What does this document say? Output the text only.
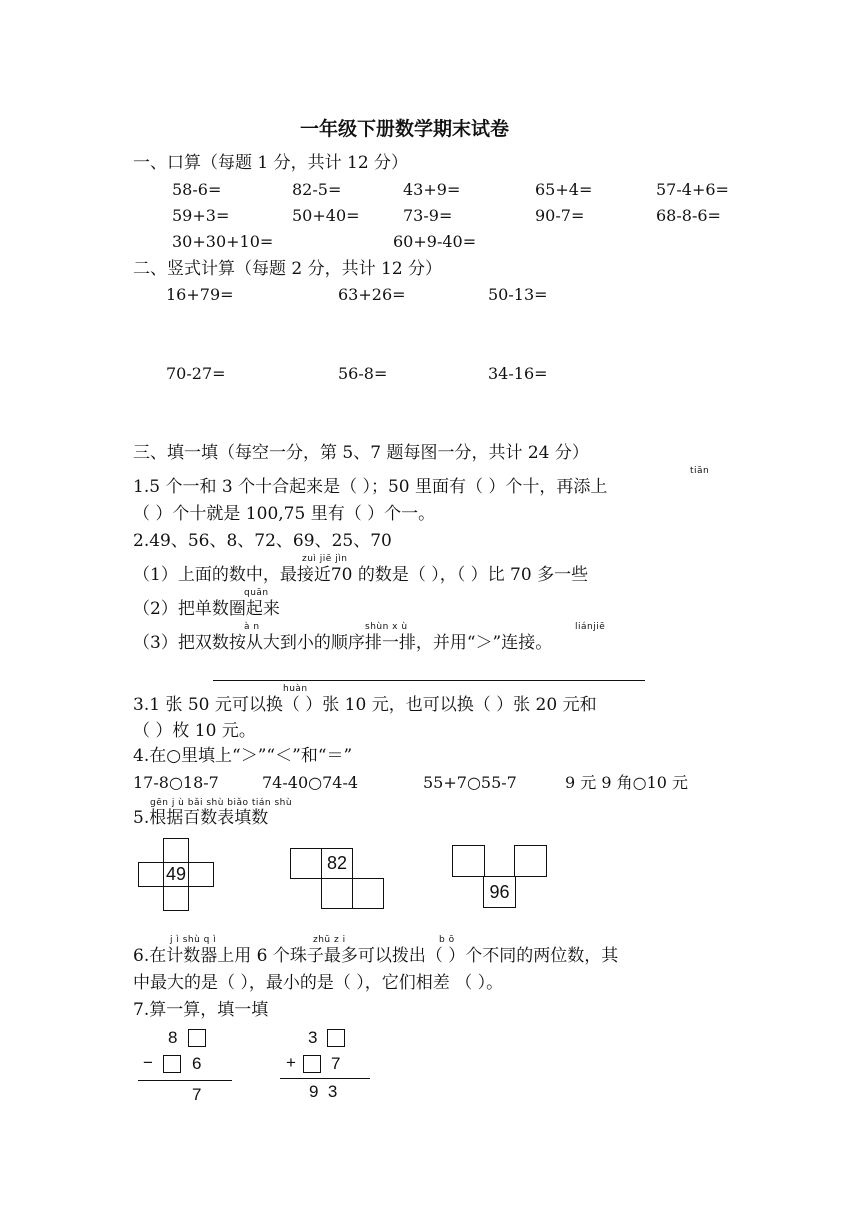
一年级下册数学期末试卷
一、口算（每题 1 分，共计 12 分）
58-6=	82-5=	43+9=	65+4=	57-4+6=
59+3=	50+40=	73-9=	90-7=	68-8-6=
30+30+10=	60+9-40=
二、竖式计算（每题 2 分，共计 12 分）
16+79=	63+26=	50-13=
70-27=	56-8=	34-16=
三、填一填（每空一分，第 5、7 题每图一分，共计 24 分）
tiān
1.5 个一和 3 个十合起来是（ ）；50 里面有（ ）个十，再添上
（ ）个十就是 100,75 里有（ ）个一。
2.49、56、8、72、69、25、70
zuì jiē jìn
（1）上面的数中，最接近70 的数是（ ），（ ）比 70 多一些
quān
（2）把单数圈起来
à n	shùn x ù	liánjiē
（3）把双数按从大到小的顺序排一排，并用“＞”连接。
huàn
3.1 张 50 元可以换（ ）张 10 元，也可以换（ ）张 20 元和
（ ）枚 10 元。
4.在○里填上“＞”“＜”和“＝”
17-8○18-7	74-40○74-4	55+7○55-7	9 元 9 角○10 元
gēn j ù bǎi shù biǎo tián shù
5.根据百数表填数
49
82
96
j ì shù q ì	zhū z i	b ō
6.在计数器上用 6 个珠子最多可以拨出（ ）个不同的两位数，其
中最大的是（ ），最小的是（ ），它们相差 （ ）。
7.算一算，填一填
8
− 6
7
3
+ 7
9  3
